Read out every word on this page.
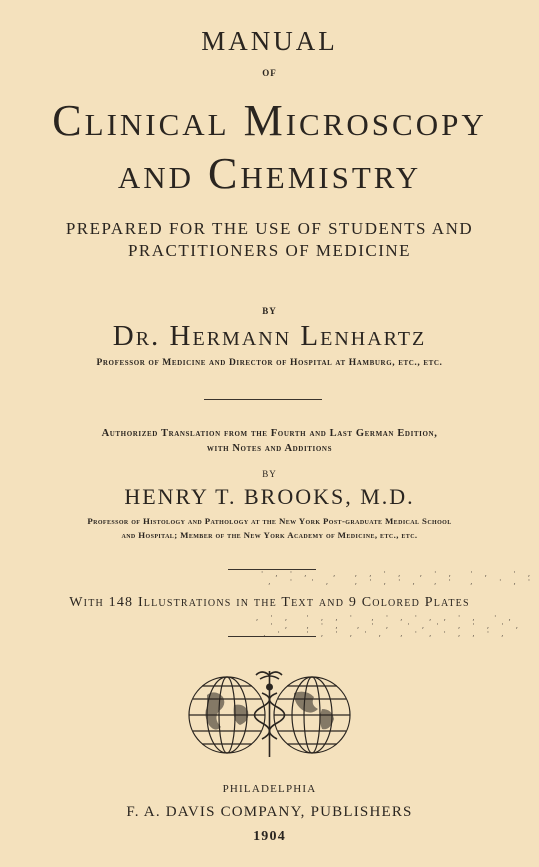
MANUAL
OF
Clinical Microscopy
and Chemistry
PREPARED FOR THE USE OF STUDENTS AND
PRACTITIONERS OF MEDICINE
BY
Dr. Hermann Lenhartz
Professor of Medicine and Director of Hospital at Hamburg, etc., etc.
Authorized Translation from the Fourth and Last German Edition,
with Notes and Additions
BY
HENRY T. BROOKS, M.D.
Professor of Histology and Pathology at the New York Post-graduate Medical School
and Hospital; Member of the New York Academy of Medicine, etc., etc.
' , ' ,   ,  , , ' ,  , ' ,  ' ,   ' ,
,  '  ' ,   , ' , ' ,  , '  ,   ' , '
With 148 Illustrations in the Text and 9 Colored Plates
, ' ,  ' , , '  , ' , ' , , ' ,  ' ,
' ,  , ' ,  , ' ,  ' , '  , ' , ' ,
, '   ' , ' , ' ,  , ' , ' , , ' ,
PHILADELPHIA
F. A. DAVIS COMPANY, PUBLISHERS
1904
